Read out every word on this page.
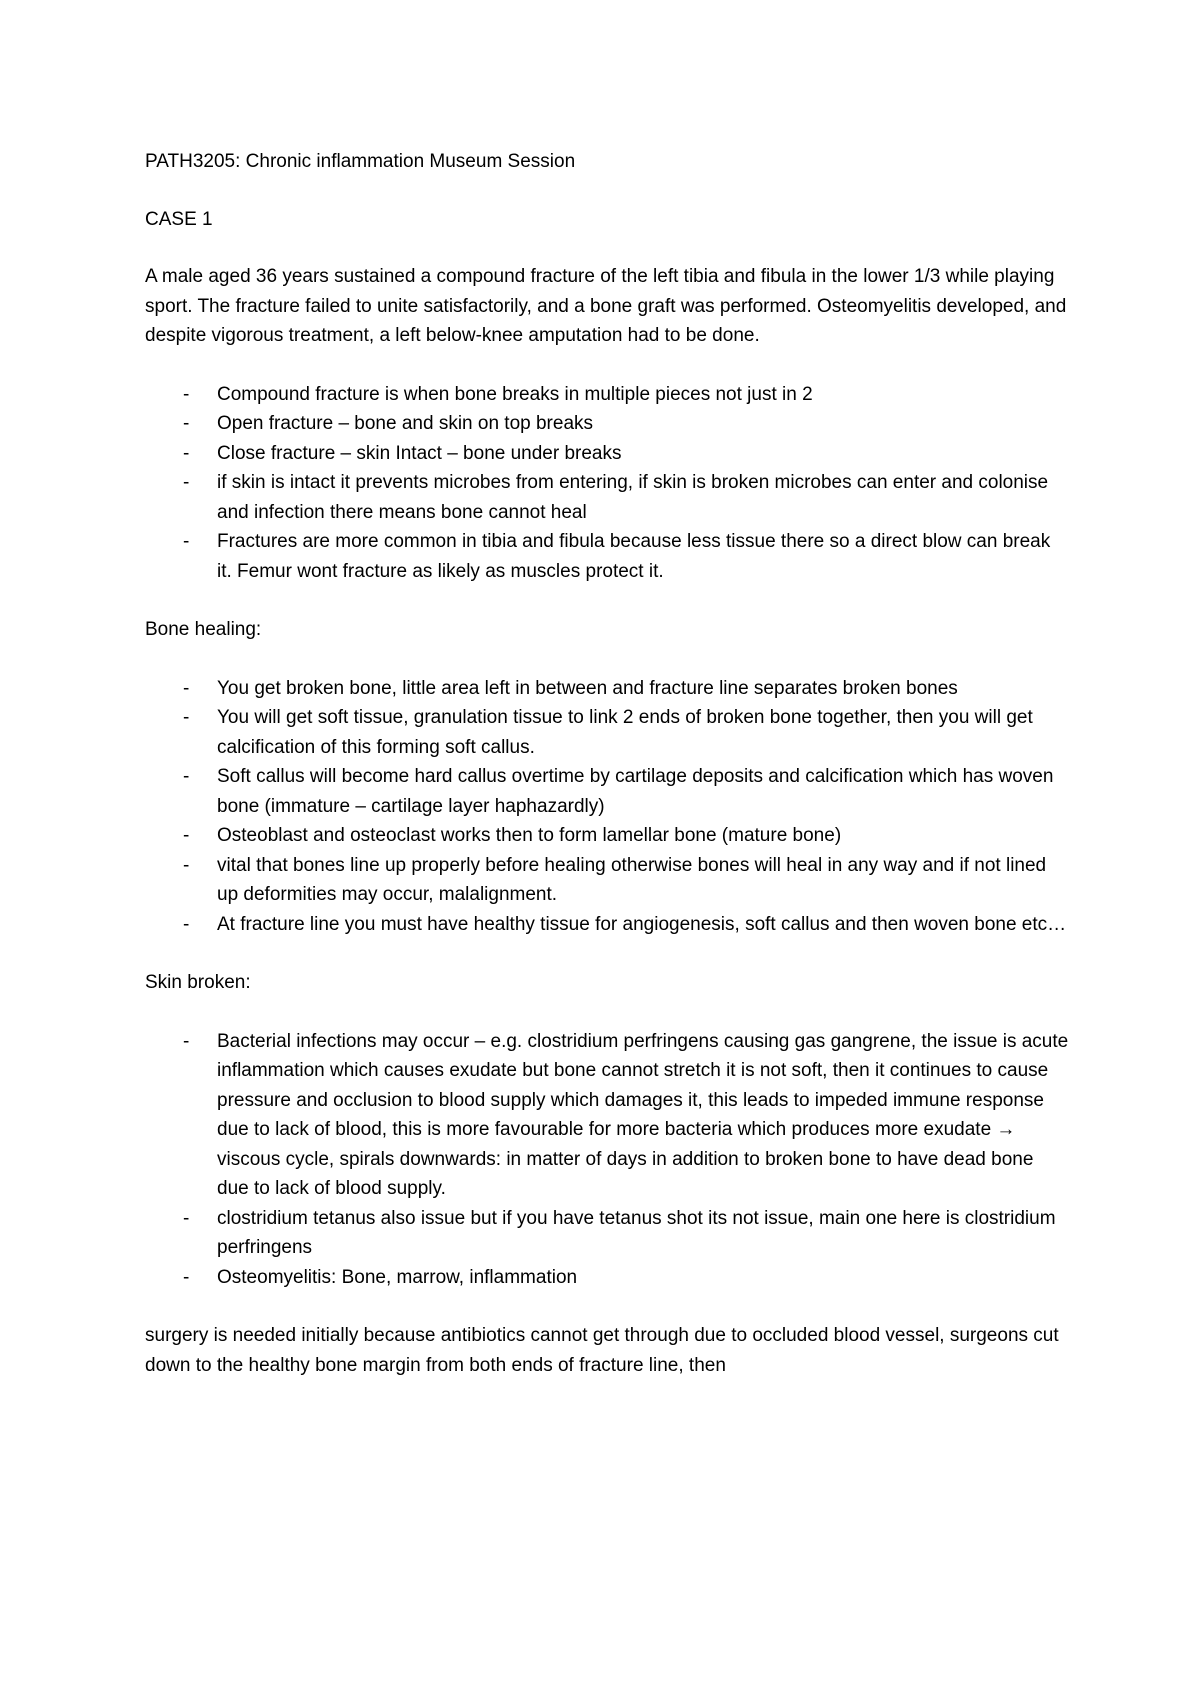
PATH3205: Chronic inflammation Museum Session
CASE 1

A male aged 36 years sustained a compound fracture of the left tibia and fibula in the lower 1/3 while playing sport. The fracture failed to unite satisfactorily, and a bone graft was performed. Osteomyelitis developed, and despite vigorous treatment, a left below-knee amputation had to be done.

- Compound fracture is when bone breaks in multiple pieces not just in 2
- Open fracture – bone and skin on top breaks
- Close fracture – skin Intact – bone under breaks
- if skin is intact it prevents microbes from entering, if skin is broken microbes can enter and colonise and infection there means bone cannot heal
- Fractures are more common in tibia and fibula because less tissue there so a direct blow can break it. Femur wont fracture as likely as muscles protect it.
Bone healing:
- You get broken bone, little area left in between and fracture line separates broken bones
- You will get soft tissue, granulation tissue to link 2 ends of broken bone together, then you will get calcification of this forming soft callus.
- Soft callus will become hard callus overtime by cartilage deposits and calcification which has woven bone (immature – cartilage layer haphazardly)
- Osteoblast and osteoclast works then to form lamellar bone (mature bone)
- vital that bones line up properly before healing otherwise bones will heal in any way and if not lined up deformities may occur, malalignment.
- At fracture line you must have healthy tissue for angiogenesis, soft callus and then woven bone etc…
Skin broken:
- Bacterial infections may occur – e.g. clostridium perfringens causing gas gangrene, the issue is acute inflammation which causes exudate but bone cannot stretch it is not soft, then it continues to cause pressure and occlusion to blood supply which damages it, this leads to impeded immune response due to lack of blood, this is more favourable for more bacteria which produces more exudate → viscous cycle, spirals downwards: in matter of days in addition to broken bone to have dead bone due to lack of blood supply.
- clostridium tetanus also issue but if you have tetanus shot its not issue, main one here is clostridium perfringens
- Osteomyelitis: Bone, marrow, inflammation

surgery is needed initially because antibiotics cannot get through due to occluded blood vessel, surgeons cut down to the healthy bone margin from both ends of fracture line, then
